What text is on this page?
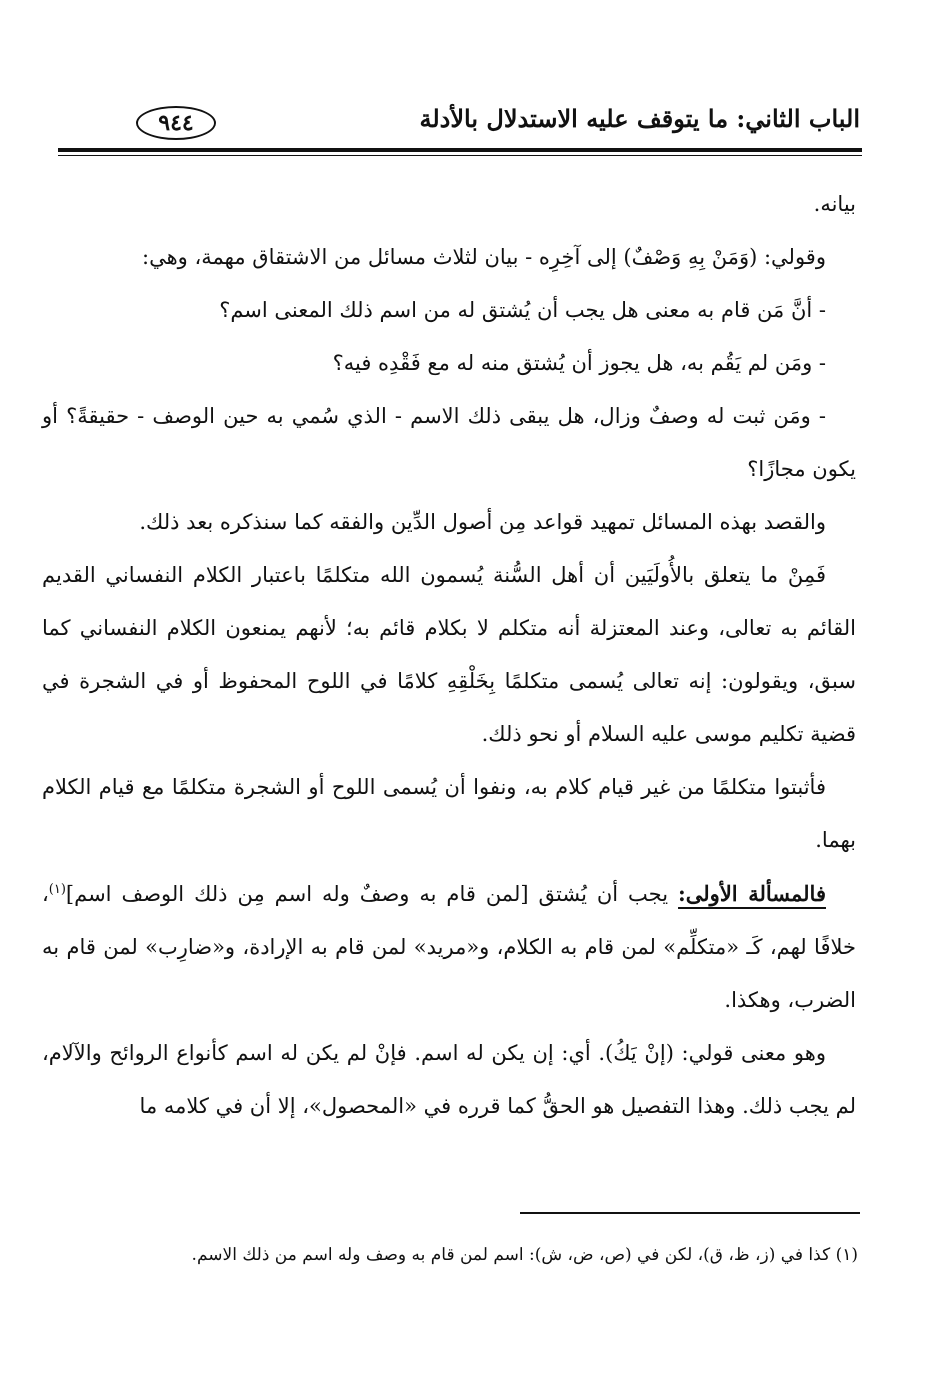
الباب الثاني: ما يتوقف عليه الاستدلال بالأدلة
٩٤٤

بيانه.

وقولي: (وَمَنْ بِهِ وَصْفٌ) إلى آخِرِه - بيان لثلاث مسائل من الاشتقاق مهمة، وهي:

- أنَّ مَن قام به معنى هل يجب أن يُشتق له من اسم ذلك المعنى اسم؟

- ومَن لم يَقُم به، هل يجوز أن يُشتق منه له مع فَقْدِه فيه؟

- ومَن ثبت له وصفٌ وزال، هل يبقى ذلك الاسم - الذي سُمي به حين الوصف - حقيقةً؟ أو يكون مجازًا؟

والقصد بهذه المسائل تمهيد قواعد مِن أصول الدِّين والفقه كما سنذكره بعد ذلك.

فَمِنْ ما يتعلق بالأُولَيَين أن أهل السُّنة يُسمون الله متكلمًا باعتبار الكلام النفساني القديم القائم به تعالى، وعند المعتزلة أنه متكلم لا بكلام قائم به؛ لأنهم يمنعون الكلام النفساني كما سبق، ويقولون: إنه تعالى يُسمى متكلمًا بِخَلْقِهِ كلامًا في اللوح المحفوظ أو في الشجرة في قضية تكليم موسى عليه السلام أو نحو ذلك.

فأثبتوا متكلمًا من غير قيام كلام به، ونفوا أن يُسمى اللوح أو الشجرة متكلمًا مع قيام الكلام بهما.

فالمسألة الأولى: يجب أن يُشتق [لمن قام به وصفٌ وله اسم مِن ذلك الوصف اسم]$^{(١)}$، خلافًا لهم، كَـ «متكلِّم» لمن قام به الكلام، و«مريد» لمن قام به الإرادة، و«ضارِب» لمن قام به الضرب، وهكذا.

وهو معنى قولي: (إنْ يَكُ). أي: إن يكن له اسم. فإنْ لم يكن له اسم كأنواع الروائح والآلام، لم يجب ذلك. وهذا التفصيل هو الحقُّ كما قرره في «المحصول»، إلا أن في كلامه ما

(١) كذا في (ز، ظ، ق)، لكن في (ص، ض، ش): اسم لمن قام به وصف وله اسم من ذلك الاسم.
